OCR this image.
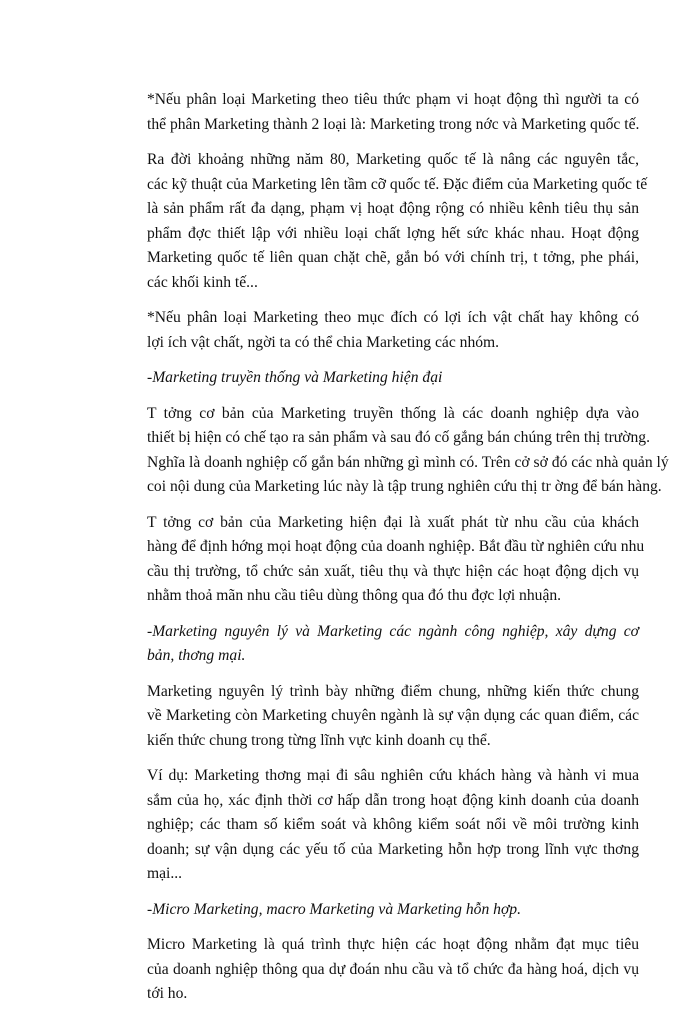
*Nếu phân loại Marketing theo tiêu thức phạm vi hoạt động thì người ta có
thể phân Marketing thành 2 loại là: Marketing trong nớc và Marketing quốc tế.

Ra đời khoảng những năm 80, Marketing quốc tế là nâng các nguyên tắc,
các kỹ thuật của Marketing lên tầm cỡ quốc tế. Đặc điểm của Marketing quốc tế
là sản phẩm rất đa dạng, phạm vị hoạt động rộng có nhiều kênh tiêu thụ sản
phẩm đợc thiết lập với nhiều loại chất lợng hết sức khác nhau. Hoạt động
Marketing quốc tế liên quan chặt chẽ, gắn bó với chính trị, t tởng, phe phái,
các khối kinh tế...

*Nếu phân loại Marketing theo mục đích có lợi ích vật chất hay không có
lợi ích vật chất, ngời ta có thể chia Marketing các nhóm.

-Marketing truyền thống và Marketing hiện đại

T tởng cơ bản của Marketing truyền thống là các doanh nghiệp dựa vào
thiết bị hiện có chế tạo ra sản phẩm và sau đó cố gắng bán chúng trên thị trường.
Nghĩa là doanh nghiệp cố gắn bán những gì mình có. Trên cở sở đó các nhà quản lý
coi nội dung của Marketing lúc này là tập trung nghiên cứu thị tr ờng để bán hàng.

T tởng cơ bản của Marketing hiện đại là xuất phát từ nhu cầu của khách
hàng để định hớng mọi hoạt động của doanh nghiệp. Bắt đầu từ nghiên cứu nhu
cầu thị trường, tổ chức sản xuất, tiêu thụ và thực hiện các hoạt động dịch vụ
nhằm thoả mãn nhu cầu tiêu dùng thông qua đó thu đợc lợi nhuận.

-Marketing nguyên lý và Marketing các ngành công nghiệp, xây dựng cơ
bản, thơng mại.

Marketing nguyên lý trình bày những điểm chung, những kiến thức chung
về Marketing còn Marketing chuyên ngành là sự vận dụng các quan điểm, các
kiến thức chung trong từng lĩnh vực kinh doanh cụ thể.

Ví dụ: Marketing thơng mại đi sâu nghiên cứu khách hàng và hành vi mua
sắm của họ, xác định thời cơ hấp dẫn trong hoạt động kinh doanh của doanh
nghiệp; các tham số kiểm soát và không kiểm soát nổi về môi trường kinh
doanh; sự vận dụng các yếu tố của Marketing hỗn hợp trong lĩnh vực thơng
mại...

-Micro Marketing, macro Marketing và Marketing hỗn hợp.

Micro Marketing là quá trình thực hiện các hoạt động nhằm đạt mục tiêu
của doanh nghiệp thông qua dự đoán nhu cầu và tổ chức đa hàng hoá, dịch vụ
tới ho.
